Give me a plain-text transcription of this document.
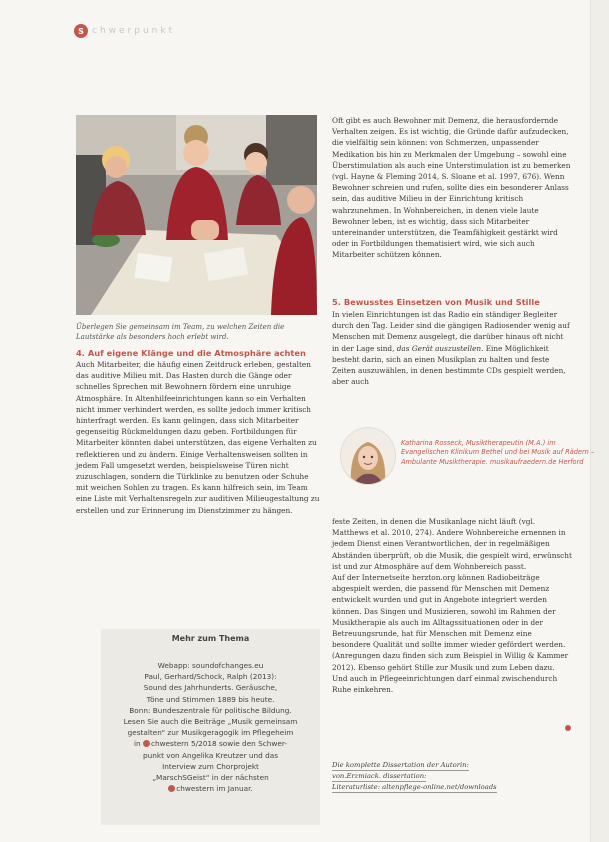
S chwerpunkt
Überlegen Sie gemeinsam im Team, zu welchen Zeiten die Lautstärke als besonders hoch erlebt wird.
4. Auf eigene Klänge und die Atmosphäre achten

Auch Mitarbeiter, die häufig einen Zeitdruck erleben, gestalten das auditive Milieu mit. Das Hasten durch die Gänge oder schnelles Sprechen mit Bewohnern fördern eine unruhige Atmosphäre. In Altenhilfeeinrichtungen kann so ein Verhalten nicht immer verhindert werden, es sollte jedoch immer kritisch hinterfragt werden. Es kann gelingen, dass sich Mitarbeiter gegenseitig Rückmeldungen dazu geben. Fortbildungen für Mitarbeiter könnten dabei unterstützen, das eigene Verhalten zu reflektieren und zu ändern. Einige Verhaltensweisen sollten in jedem Fall umgesetzt werden, beispielsweise Türen nicht zuzuschlagen, sondern die Türklinke zu benutzen oder Schuhe mit weichen Sohlen zu tragen. Es kann hilfreich sein, im Team eine Liste mit Verhaltensregeln zur auditiven Milieugestaltung zu erstellen und zur Erinnerung im Dienstzimmer zu hängen.

Oft gibt es auch Bewohner mit Demenz, die herausfordernde Verhalten zeigen. Es ist wichtig, die Gründe dafür aufzudecken, die vielfältig sein können: von Schmerzen, unpassender Medikation bis hin zu Merkmalen der Umgebung – sowohl eine Überstimulation als auch eine Unterstimulation ist zu bemerken (vgl. Hayne & Fleming 2014, S. Sloane et al. 1997, 676). Wenn Bewohner schreien und rufen, sollte dies ein besonderer Anlass sein, das auditive Milieu in der Einrichtung kritisch wahrzunehmen. In Wohnbereichen, in denen viele laute Bewohner leben, ist es wichtig, dass sich Mitarbeiter untereinander unterstützen, die Teamfähigkeit gestärkt wird oder in Fortbildungen thematisiert wird, wie sich auch Mitarbeiter schützen können.

5. Bewusstes Einsetzen von Musik und Stille

In vielen Einrichtungen ist das Radio ein ständiger Begleiter durch den Tag. Leider sind die gängigen Radiosender wenig auf Menschen mit Demenz ausgelegt, die darüber hinaus oft nicht in der Lage sind, das Gerät auszustellen. Eine Möglichkeit besteht darin, sich an einen Musikplan zu halten und feste Zeiten auszuwählen, in denen bestimmte CDs gespielt werden, aber auch

Katharina Rosseck, Musiktherapeutin (M.A.) im Evangelischen Klinikum Bethel und bei Musik auf Rädern – Ambulante Musiktherapie. musikaufraedern.de Herford

feste Zeiten, in denen die Musikanlage nicht läuft (vgl. Matthews et al. 2010, 274). Andere Wohnbereiche ernennen in jedem Dienst einen Verantwortlichen, der in regelmäßigen Abständen überprüft, ob die Musik, die gespielt wird, erwünscht ist und zur Atmosphäre auf dem Wohnbereich passt.

Auf der Internetseite herzton.org können Radiobeiträge abgespielt werden, die passend für Menschen mit Demenz entwickelt wurden und gut in Angebote integriert werden können. Das Singen und Musizieren, sowohl im Rahmen der Musiktherapie als auch im Alltagssituationen oder in der Betreuungsrunde, hat für Menschen mit Demenz eine besondere Qualität und sollte immer wieder gefördert werden. (Anregungen dazu finden sich zum Beispiel in Willig & Kammer 2012). Ebenso gehört Stille zur Musik und zum Leben dazu. Und auch in Pflegeeinrichtungen darf einmal zwischendurch Ruhe einkehren.

Die komplette Dissertation der Autorin:
von.Erzmiack. dissertation:
Literaturliste: altenpflege-online.net/downloads
Mehr zum Thema
Webapp: soundofchanges.eu
Paul, Gerhard/Schock, Ralph (2013):
Sound des Jahrhunderts. Geräusche,
Töne und Stimmen 1889 bis heute.
Bonn: Bundeszentrale für politische Bildung.
Lesen Sie auch die Beiträge „Musik gemeinsam
gestalten“ zur Musikgeragogik im Pflegeheim
in chwestern 5/2018 sowie den Schwer-
punkt von Angelika Kreutzer und das
Interview zum Chorprojekt
„MarschSGeist“ in der nächsten
chwestern im Januar.
